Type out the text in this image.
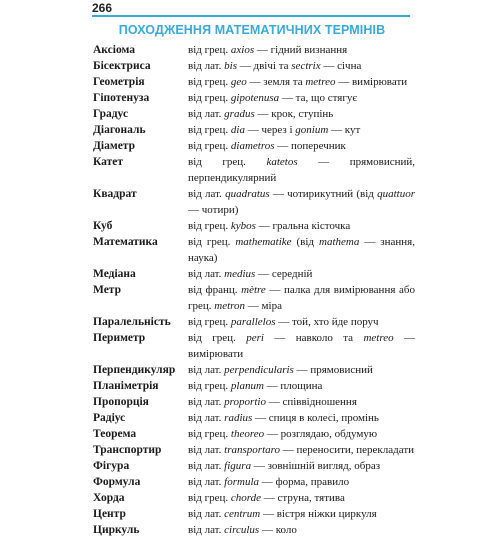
266
ПОХОДЖЕННЯ МАТЕМАТИЧНИХ ТЕРМІНІВ
Аксіома	від грец. axios — гідний визнання
Бісектриса	від лат. bis — двічі та sectrix — січна
Геометрія	від грец. geo — земля та metreo — вимірювати
Гіпотенуза	від грец. gipotenusa — та, що стягує
Градус	від лат. gradus — крок, ступінь
Діагональ	від грец. dia — через і gonium — кут
Діаметр	від грец. diametros — поперечник
Катет	від грец. katetos — прямовисний, перпендикулярний
Квадрат	від лат. quadratus — чотирикутний (від quattuor — чотири)
Куб	від грец. kybos — гральна кісточка
Математика	від грец. mathematike (від mathema — знання, наука)
Медіана	від лат. medius — середній
Метр	від франц. mètre — палка для вимірювання або грец. metron — міра
Паралельність	від грец. parallelos — той, хто йде поруч
Периметр	від грец. peri — навколо та metreo — вимірювати
Перпендикуляр	від лат. perpendicularis — прямовисний
Планіметрія	від грец. planum — площина
Пропорція	від лат. proportio — співвідношення
Радіус	від лат. radius — спиця в колесі, промінь
Теорема	від грец. theoreo — розглядаю, обдумую
Транспортир	від лат. transportaro — переносити, перекладати
Фігура	від лат. figura — зовнішній вигляд, образ
Формула	від лат. formula — форма, правило
Хорда	від грец. chorde — струна, тятива
Центр	від лат. centrum — вістря ніжки циркуля
Циркуль	від лат. circulus — коло
